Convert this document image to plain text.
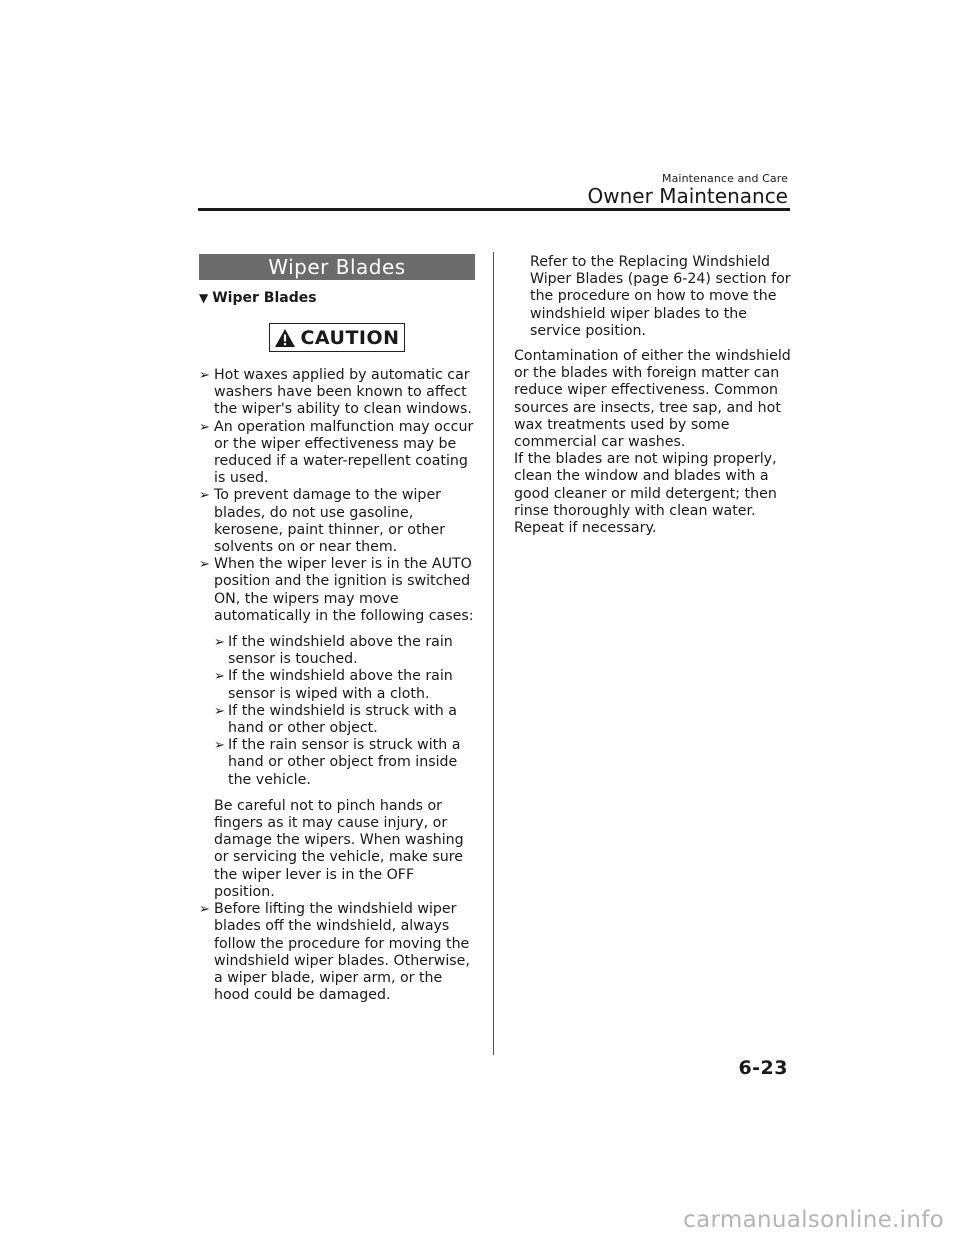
Maintenance and Care
Owner Maintenance
Wiper Blades
▼ Wiper Blades
CAUTION
➢ Hot waxes applied by automatic car washers have been known to affect the wiper's ability to clean windows.
➢ An operation malfunction may occur or the wiper effectiveness may be reduced if a water-repellent coating is used.
➢ To prevent damage to the wiper blades, do not use gasoline, kerosene, paint thinner, or other solvents on or near them.
➢ When the wiper lever is in the AUTO position and the ignition is switched ON, the wipers may move automatically in the following cases:
➢ If the windshield above the rain sensor is touched.
➢ If the windshield above the rain sensor is wiped with a cloth.
➢ If the windshield is struck with a hand or other object.
➢ If the rain sensor is struck with a hand or other object from inside the vehicle.
Be careful not to pinch hands or fingers as it may cause injury, or damage the wipers. When washing or servicing the vehicle, make sure the wiper lever is in the OFF position.
➢ Before lifting the windshield wiper blades off the windshield, always follow the procedure for moving the windshield wiper blades. Otherwise, a wiper blade, wiper arm, or the hood could be damaged.
Refer to the Replacing Windshield Wiper Blades (page 6-24) section for the procedure on how to move the windshield wiper blades to the service position.
Contamination of either the windshield or the blades with foreign matter can reduce wiper effectiveness. Common sources are insects, tree sap, and hot wax treatments used by some commercial car washes.
If the blades are not wiping properly, clean the window and blades with a good cleaner or mild detergent; then rinse thoroughly with clean water. Repeat if necessary.
6-23
carmanualsonline.info
